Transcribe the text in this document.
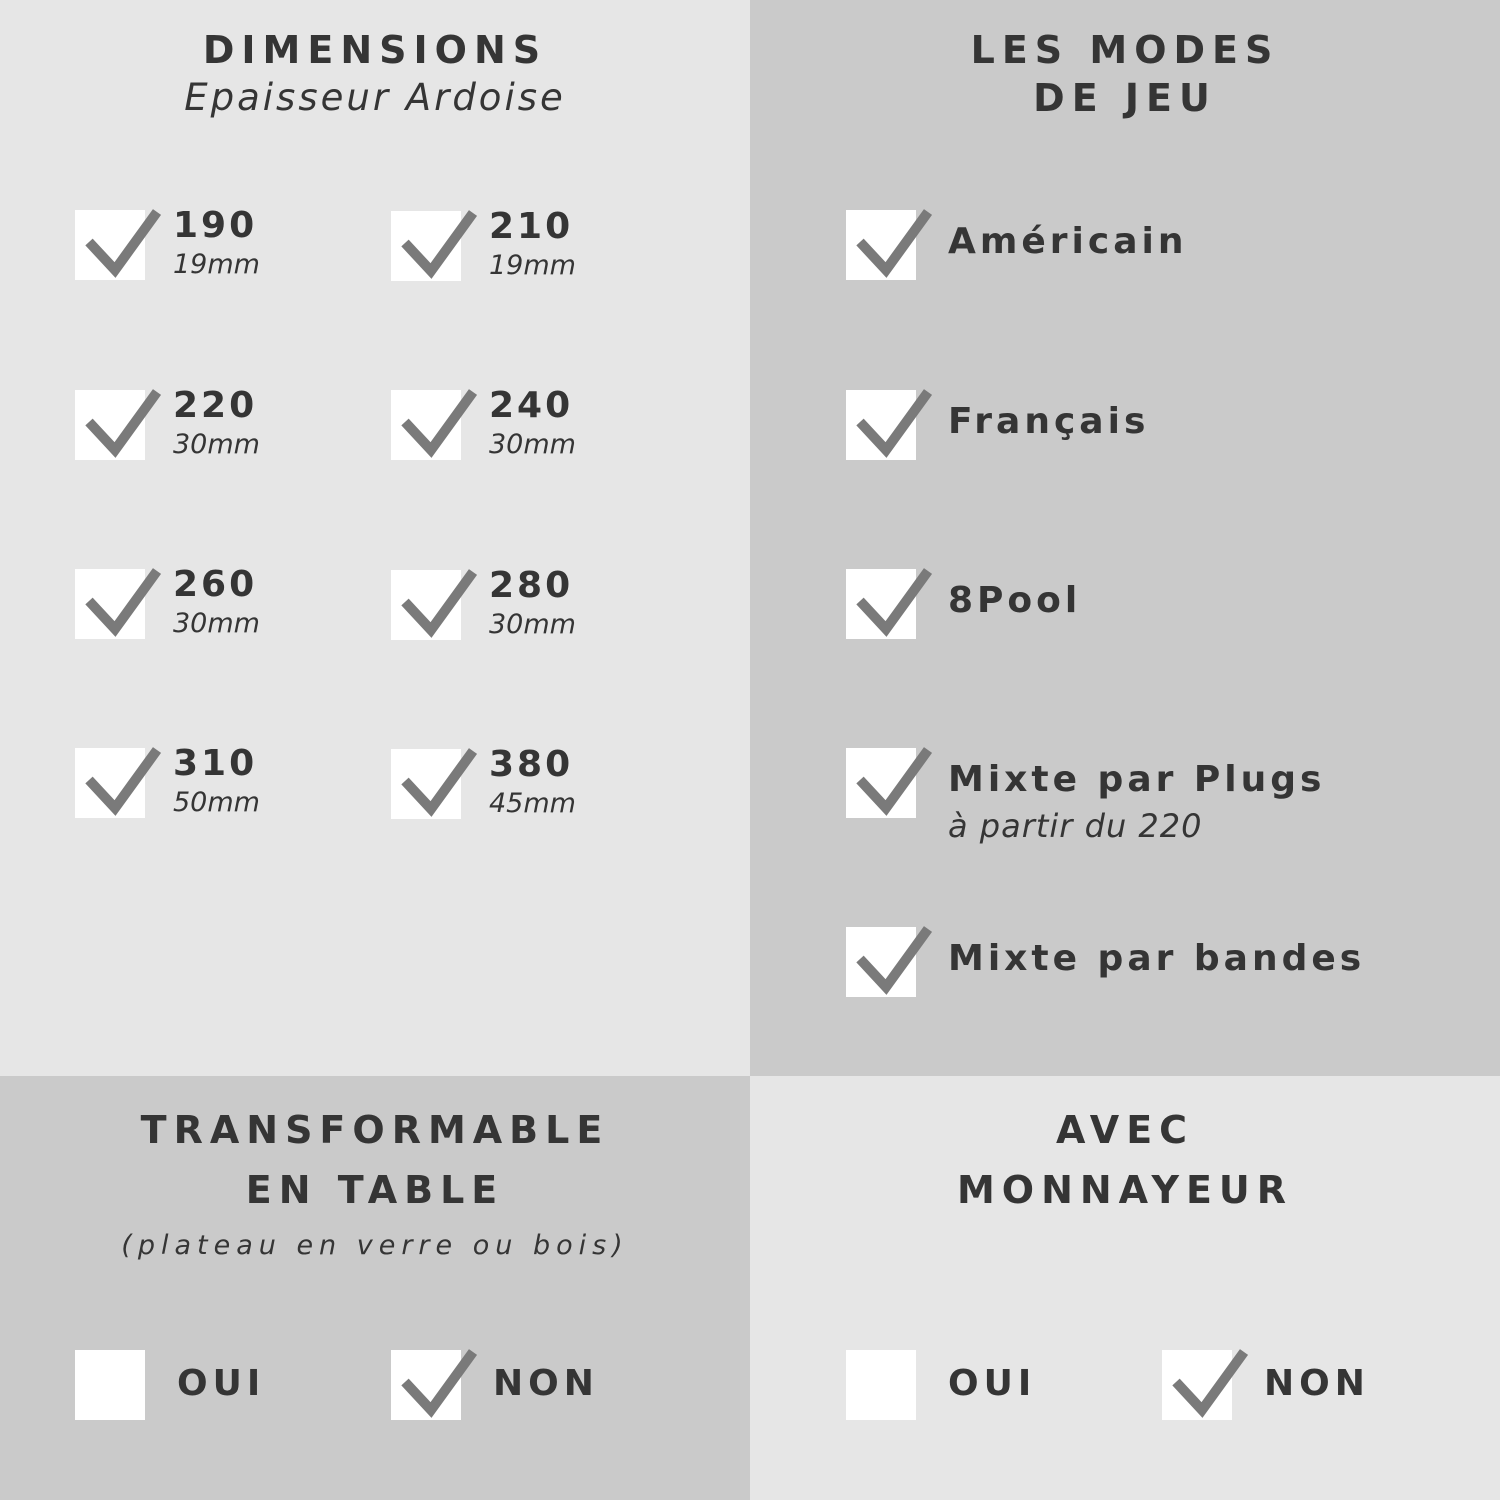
DIMENSIONS
Epaisseur Ardoise
190
19mm
210
19mm
220
30mm
240
30mm
260
30mm
280
30mm
310
50mm
380
45mm
LES MODES
DE JEU
Américain
Français
8Pool
Mixte par Plugs
à partir du 220
Mixte par bandes
TRANSFORMABLE
EN TABLE
(plateau en verre ou bois)
OUI	NON
AVEC
MONNAYEUR
OUI	NON
